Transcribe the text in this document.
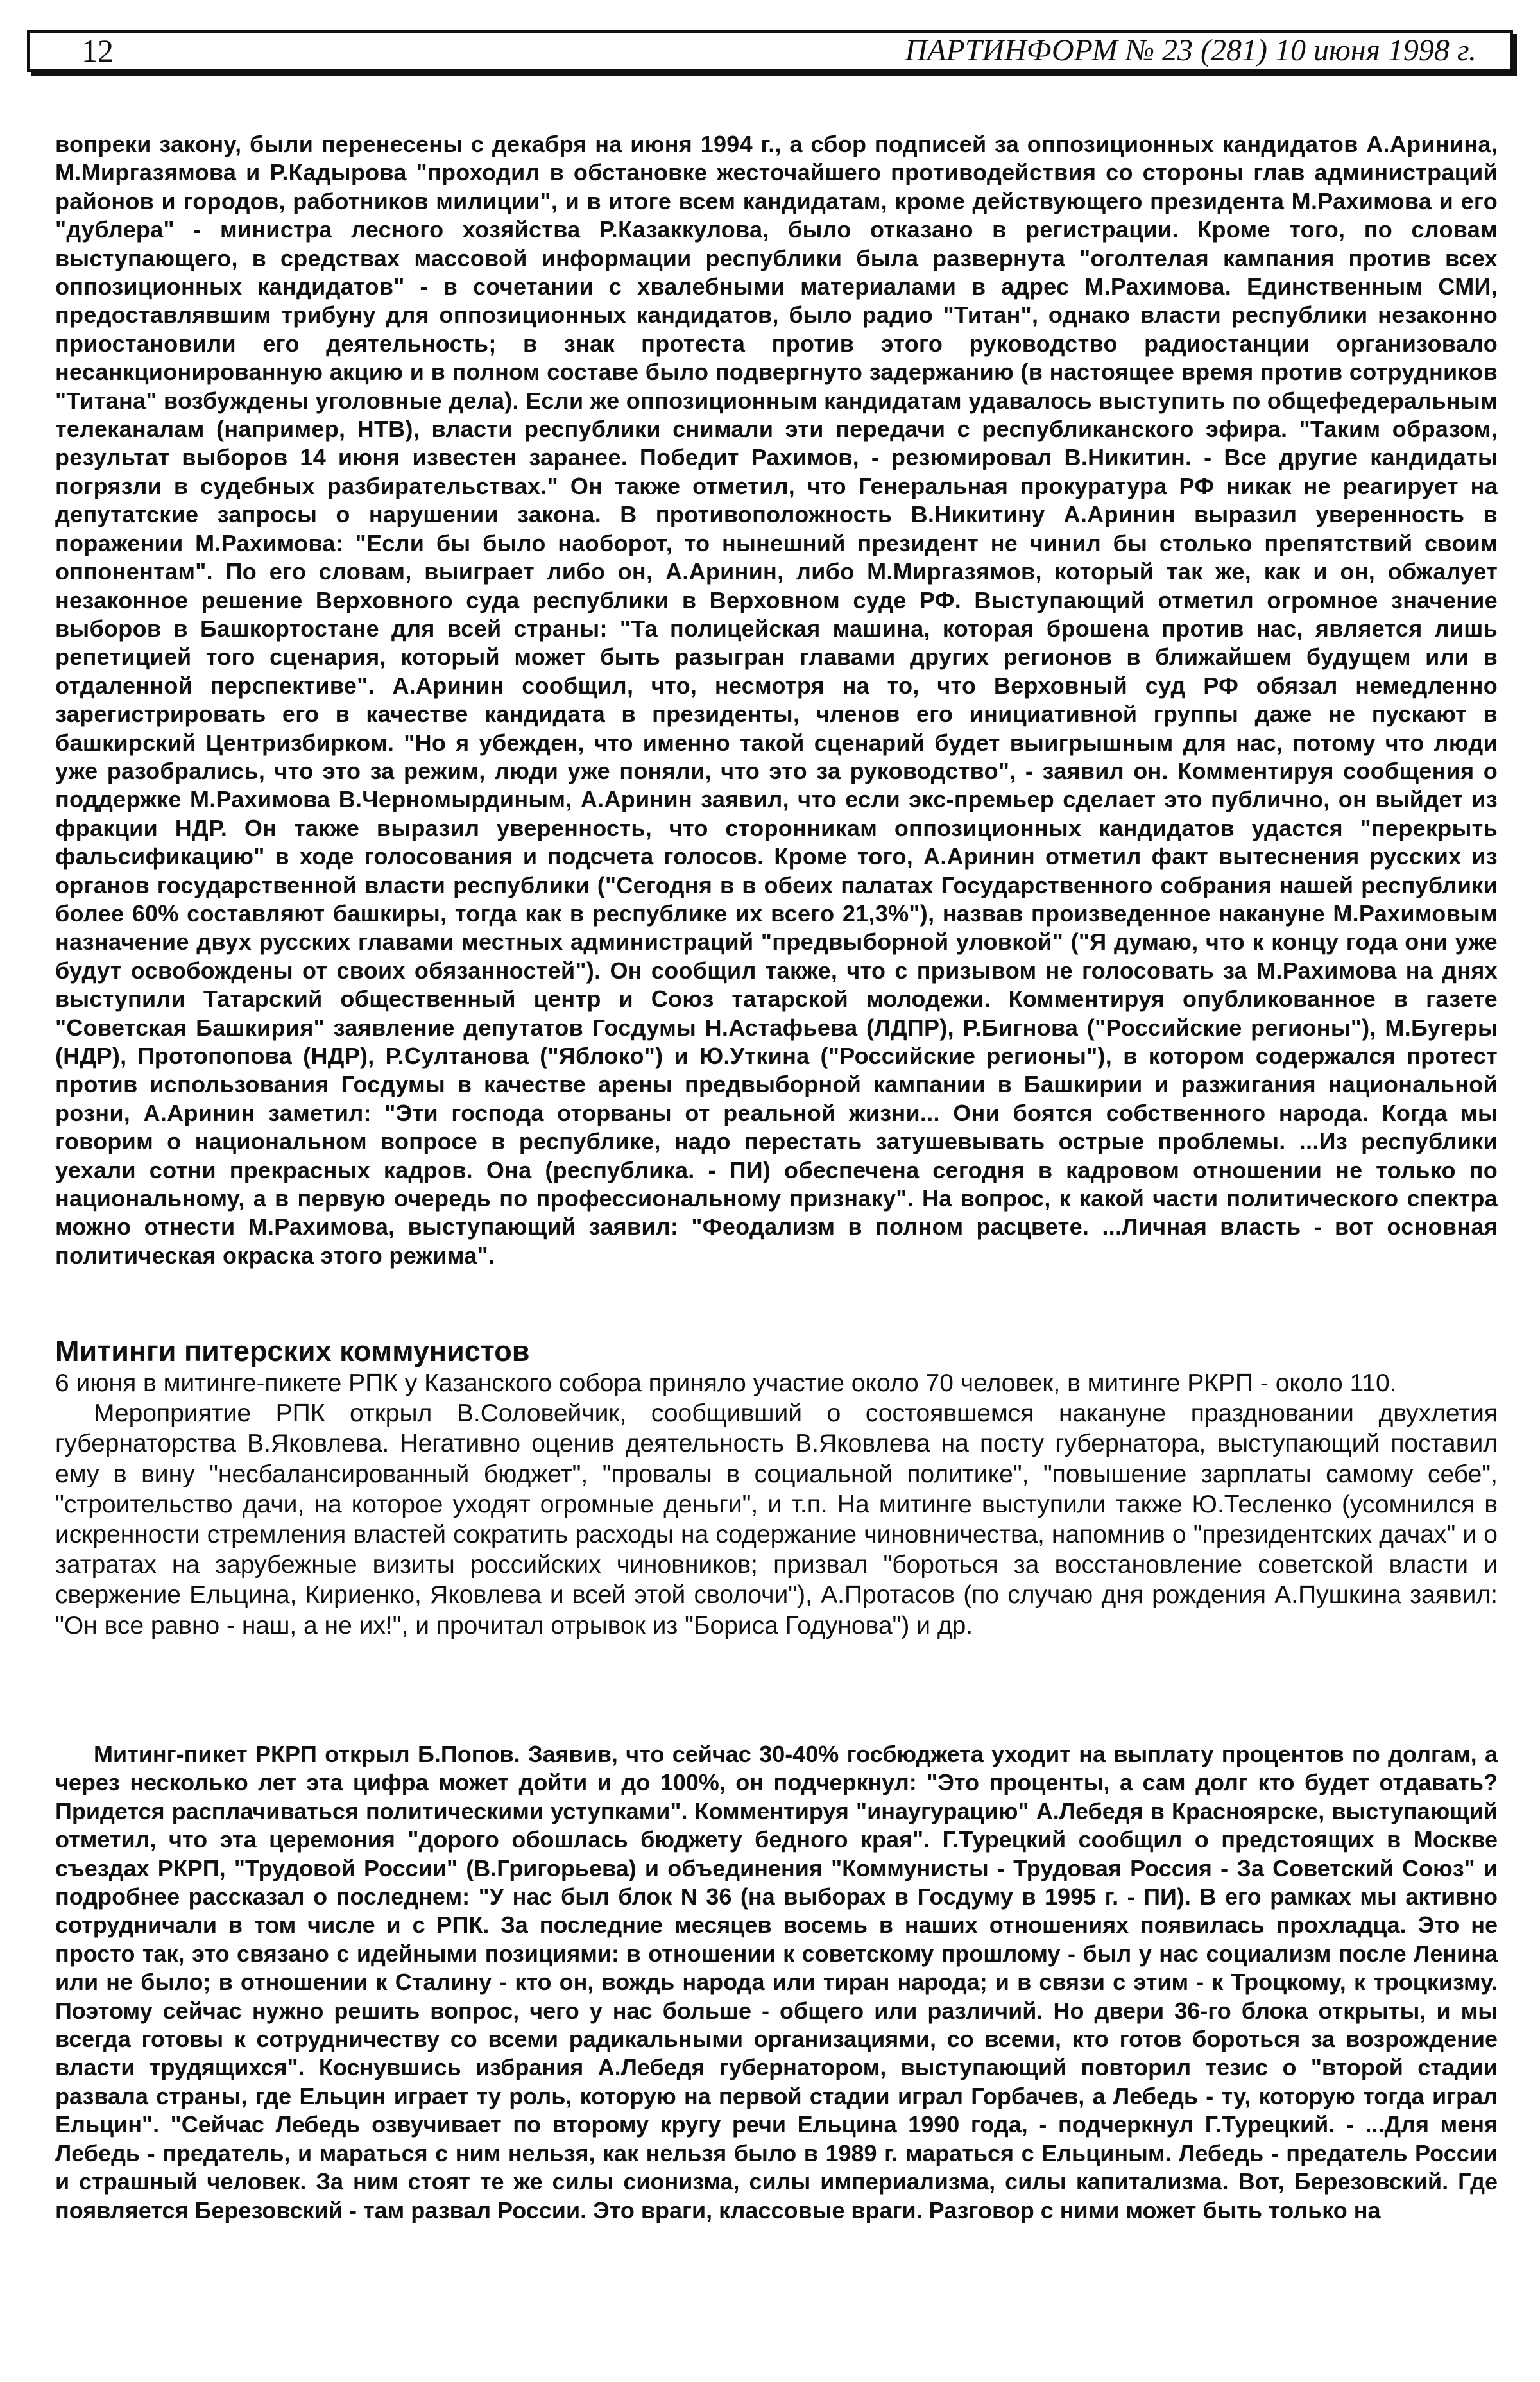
12	ПАРТИНФОРМ № 23 (281) 10 июня 1998 г.

вопреки закону, были перенесены с декабря на июня 1994 г., а сбор подписей за оппозиционных кандидатов А.Аринина, М.Миргазямова и Р.Кадырова "проходил в обстановке жесточайшего противодействия со стороны глав администраций районов и городов, работников милиции", и в итоге всем кандидатам, кроме действующего президента М.Рахимова и его "дублера" - министра лесного хозяйства Р.Казаккулова, было отказано в регистрации. Кроме того, по словам выступающего, в средствах массовой информации республики была развернута "оголтелая кампания против всех оппозиционных кандидатов" - в сочетании с хвалебными материалами в адрес М.Рахимова. Единственным СМИ, предоставлявшим трибуну для оппозиционных кандидатов, было радио "Титан", однако власти республики незаконно приостановили его деятельность; в знак протеста против этого руководство радиостанции организовало несанкционированную акцию и в полном составе было подвергнуто задержанию (в настоящее время против сотрудников "Титана" возбуждены уголовные дела). Если же оппозиционным кандидатам удавалось выступить по общефедеральным телеканалам (например, НТВ), власти республики снимали эти передачи с республиканского эфира. "Таким образом, результат выборов 14 июня известен заранее. Победит Рахимов, - резюмировал В.Никитин. - Все другие кандидаты погрязли в судебных разбирательствах." Он также отметил, что Генеральная прокуратура РФ никак не реагирует на депутатские запросы о нарушении закона. В противоположность В.Никитину А.Аринин выразил уверенность в поражении М.Рахимова: "Если бы было наоборот, то нынешний президент не чинил бы столько препятствий своим оппонентам". По его словам, выиграет либо он, А.Аринин, либо М.Миргазямов, который так же, как и он, обжалует незаконное решение Верховного суда республики в Верховном суде РФ. Выступающий отметил огромное значение выборов в Башкортостане для всей страны: "Та полицейская машина, которая брошена против нас, является лишь репетицией того сценария, который может быть разыгран главами других регионов в ближайшем будущем или в отдаленной перспективе". А.Аринин сообщил, что, несмотря на то, что Верховный суд РФ обязал немедленно зарегистрировать его в качестве кандидата в президенты, членов его инициативной группы даже не пускают в башкирский Центризбирком. "Но я убежден, что именно такой сценарий будет выигрышным для нас, потому что люди уже разобрались, что это за режим, люди уже поняли, что это за руководство", - заявил он. Комментируя сообщения о поддержке М.Рахимова В.Черномырдиным, А.Аринин заявил, что если экс-премьер сделает это публично, он выйдет из фракции НДР. Он также выразил уверенность, что сторонникам оппозиционных кандидатов удастся "перекрыть фальсификацию" в ходе голосования и подсчета голосов. Кроме того, А.Аринин отметил факт вытеснения русских из органов государственной власти республики ("Сегодня в в обеих палатах Государственного собрания нашей республики более 60% составляют башкиры, тогда как в республике их всего 21,3%"), назвав произведенное накануне М.Рахимовым назначение двух русских главами местных администраций "предвыборной уловкой" ("Я думаю, что к концу года они уже будут освобождены от своих обязанностей"). Он сообщил также, что с призывом не голосовать за М.Рахимова на днях выступили Татарский общественный центр и Союз татарской молодежи. Комментируя опубликованное в газете "Советская Башкирия" заявление депутатов Госдумы Н.Астафьева (ЛДПР), Р.Бигнова ("Российские регионы"), М.Бугеры (НДР), Протопопова (НДР), Р.Султанова ("Яблоко") и Ю.Уткина ("Российские регионы"), в котором содержался протест против использования Госдумы в качестве арены предвыборной кампании в Башкирии и разжигания национальной розни, А.Аринин заметил: "Эти господа оторваны от реальной жизни... Они боятся собственного народа. Когда мы говорим о национальном вопросе в республике, надо перестать затушевывать острые проблемы. ...Из республики уехали сотни прекрасных кадров. Она (республика. - ПИ) обеспечена сегодня в кадровом отношении не только по национальному, а в первую очередь по профессиональному признаку". На вопрос, к какой части политического спектра можно отнести М.Рахимова, выступающий заявил: "Феодализм в полном расцвете. ...Личная власть - вот основная политическая окраска этого режима".

Митинги питерских коммунистов

6 июня в митинге-пикете РПК у Казанского собора приняло участие около 70 человек, в митинге РКРП - около 110.

Мероприятие РПК открыл В.Соловейчик, сообщивший о состоявшемся накануне праздновании двухлетия губернаторства В.Яковлева. Негативно оценив деятельность В.Яковлева на посту губернатора, выступающий поставил ему в вину "несбалансированный бюджет", "провалы в социальной политике", "повышение зарплаты самому себе", "строительство дачи, на которое уходят огромные деньги", и т.п. На митинге выступили также Ю.Тесленко (усомнился в искренности стремления властей сократить расходы на содержание чиновничества, напомнив о "президентских дачах" и о затратах на зарубежные визиты российских чиновников; призвал "бороться за восстановление советской власти и свержение Ельцина, Кириенко, Яковлева и всей этой сволочи"), А.Протасов (по случаю дня рождения А.Пушкина заявил: "Он все равно - наш, а не их!", и прочитал отрывок из "Бориса Годунова") и др.

Митинг-пикет РКРП открыл Б.Попов. Заявив, что сейчас 30-40% госбюджета уходит на выплату процентов по долгам, а через несколько лет эта цифра может дойти и до 100%, он подчеркнул: "Это проценты, а сам долг кто будет отдавать? Придется расплачиваться политическими уступками". Комментируя "инаугурацию" А.Лебедя в Красноярске, выступающий отметил, что эта церемония "дорого обошлась бюджету бедного края". Г.Турецкий сообщил о предстоящих в Москве съездах РКРП, "Трудовой России" (В.Григорьева) и объединения "Коммунисты - Трудовая Россия - За Советский Союз" и подробнее рассказал о последнем: "У нас был блок N 36 (на выборах в Госдуму в 1995 г. - ПИ). В его рамках мы активно сотрудничали в том числе и с РПК. За последние месяцев восемь в наших отношениях появилась прохладца. Это не просто так, это связано с идейными позициями: в отношении к советскому прошлому - был у нас социализм после Ленина или не было; в отношении к Сталину - кто он, вождь народа или тиран народа; и в связи с этим - к Троцкому, к троцкизму. Поэтому сейчас нужно решить вопрос, чего у нас больше - общего или различий. Но двери 36-го блока открыты, и мы всегда готовы к сотрудничеству со всеми радикальными организациями, со всеми, кто готов бороться за возрождение власти трудящихся". Коснувшись избрания А.Лебедя губернатором, выступающий повторил тезис о "второй стадии развала страны, где Ельцин играет ту роль, которую на первой стадии играл Горбачев, а Лебедь - ту, которую тогда играл Ельцин". "Сейчас Лебедь озвучивает по второму кругу речи Ельцина 1990 года, - подчеркнул Г.Турецкий. - ...Для меня Лебедь - предатель, и мараться с ним нельзя, как нельзя было в 1989 г. мараться с Ельциным. Лебедь - предатель России и страшный человек. За ним стоят те же силы сионизма, силы империализма, силы капитализма. Вот, Березовский. Где появляется Березовский - там развал России. Это враги, классовые враги. Разговор с ними может быть только на
